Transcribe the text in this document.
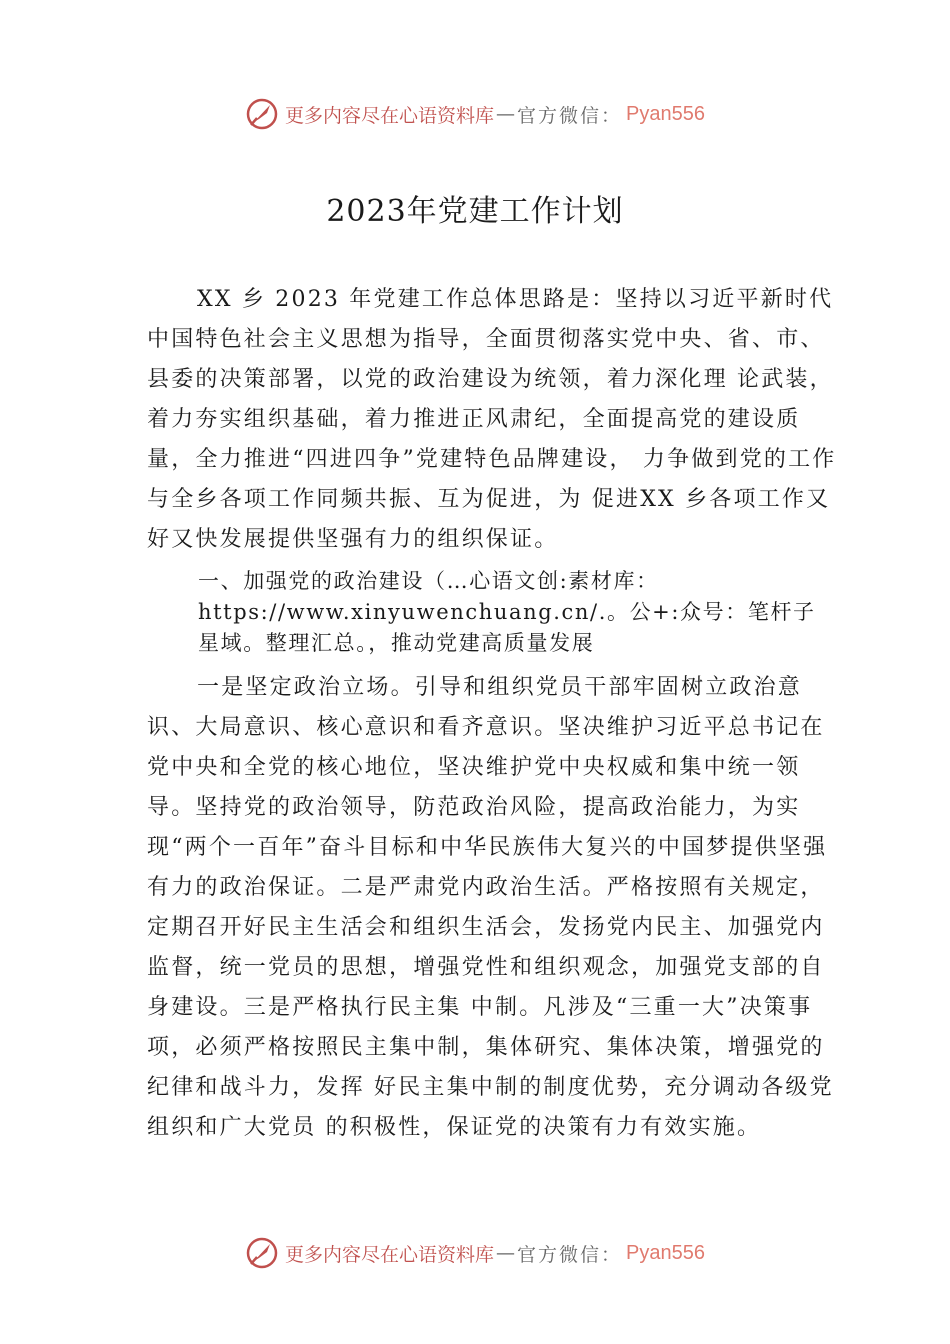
更多内容尽在心语资料库 — 官方微信： Pyan556
2023年党建工作计划

XX 乡 2023 年党建工作总体思路是：坚持以习近平新时代中国特色社会主义思想为指导，全面贯彻落实党中央、省、市、县委的决策部署，以党的政治建设为统领，着力深化理 论武装，着力夯实组织基础，着力推进正风肃纪，全面提高党的建设质量，全力推进“四进四争”党建特色品牌建设， 力争做到党的工作与全乡各项工作同频共振、互为促进，为 促进XX 乡各项工作又好又快发展提供坚强有力的组织保证。

一、加强党的政治建设（…心语文创:素材库：https://www.xinyuwenchuang.cn/.。公+:众号：笔杆子星域。整理汇总。，推动党建高质量发展

一是坚定政治立场。引导和组织党员干部牢固树立政治意识、大局意识、核心意识和看齐意识。坚决维护习近平总书记在党中央和全党的核心地位，坚决维护党中央权威和集中统一领导。坚持党的政治领导，防范政治风险，提高政治能力，为实现“两个一百年”奋斗目标和中华民族伟大复兴的中国梦提供坚强有力的政治保证。二是严肃党内政治生活。严格按照有关规定，定期召开好民主生活会和组织生活会，发扬党内民主、加强党内监督，统一党员的思想，增强党性和组织观念，加强党支部的自身建设。三是严格执行民主集 中制。凡涉及“三重一大”决策事项，必须严格按照民主集中制，集体研究、集体决策，增强党的纪律和战斗力，发挥 好民主集中制的制度优势，充分调动各级党组织和广大党员 的积极性，保证党的决策有力有效实施。

更多内容尽在心语资料库 — 官方微信： Pyan556
